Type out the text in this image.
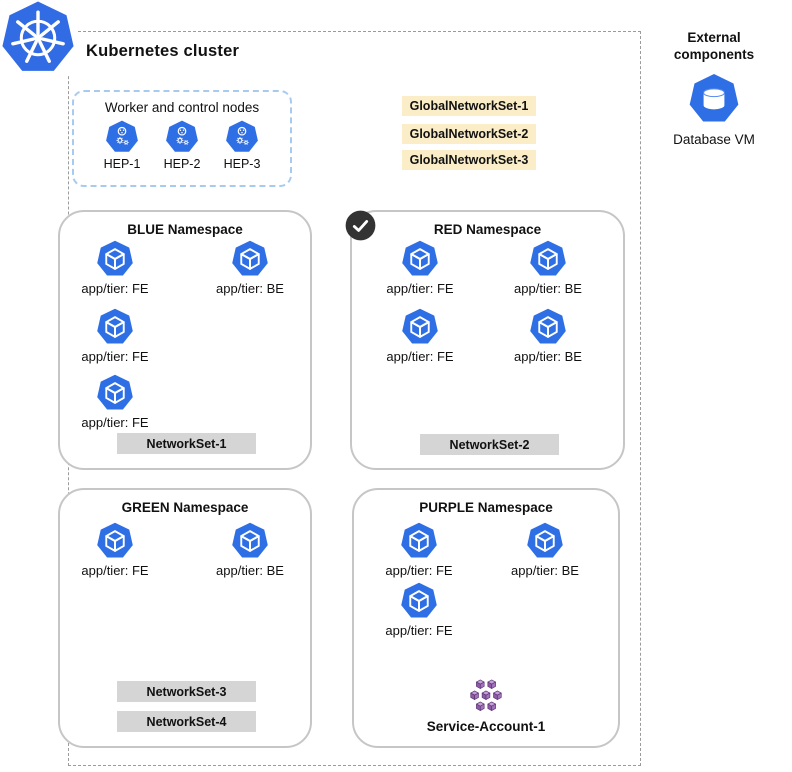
Kubernetes cluster
Worker and control nodes
HEP-1 HEP-2 HEP-3
GlobalNetworkSet-1
GlobalNetworkSet-2
GlobalNetworkSet-3
BLUE Namespace
app/tier: FE	app/tier: BE
app/tier: FE
app/tier: FE
NetworkSet-1
RED Namespace
app/tier: FE	app/tier: BE
app/tier: FE	app/tier: BE
NetworkSet-2
GREEN Namespace
app/tier: FE	app/tier: BE
NetworkSet-3
NetworkSet-4
PURPLE Namespace
app/tier: FE	app/tier: BE
app/tier: FE
Service-Account-1
External components
Database VM
